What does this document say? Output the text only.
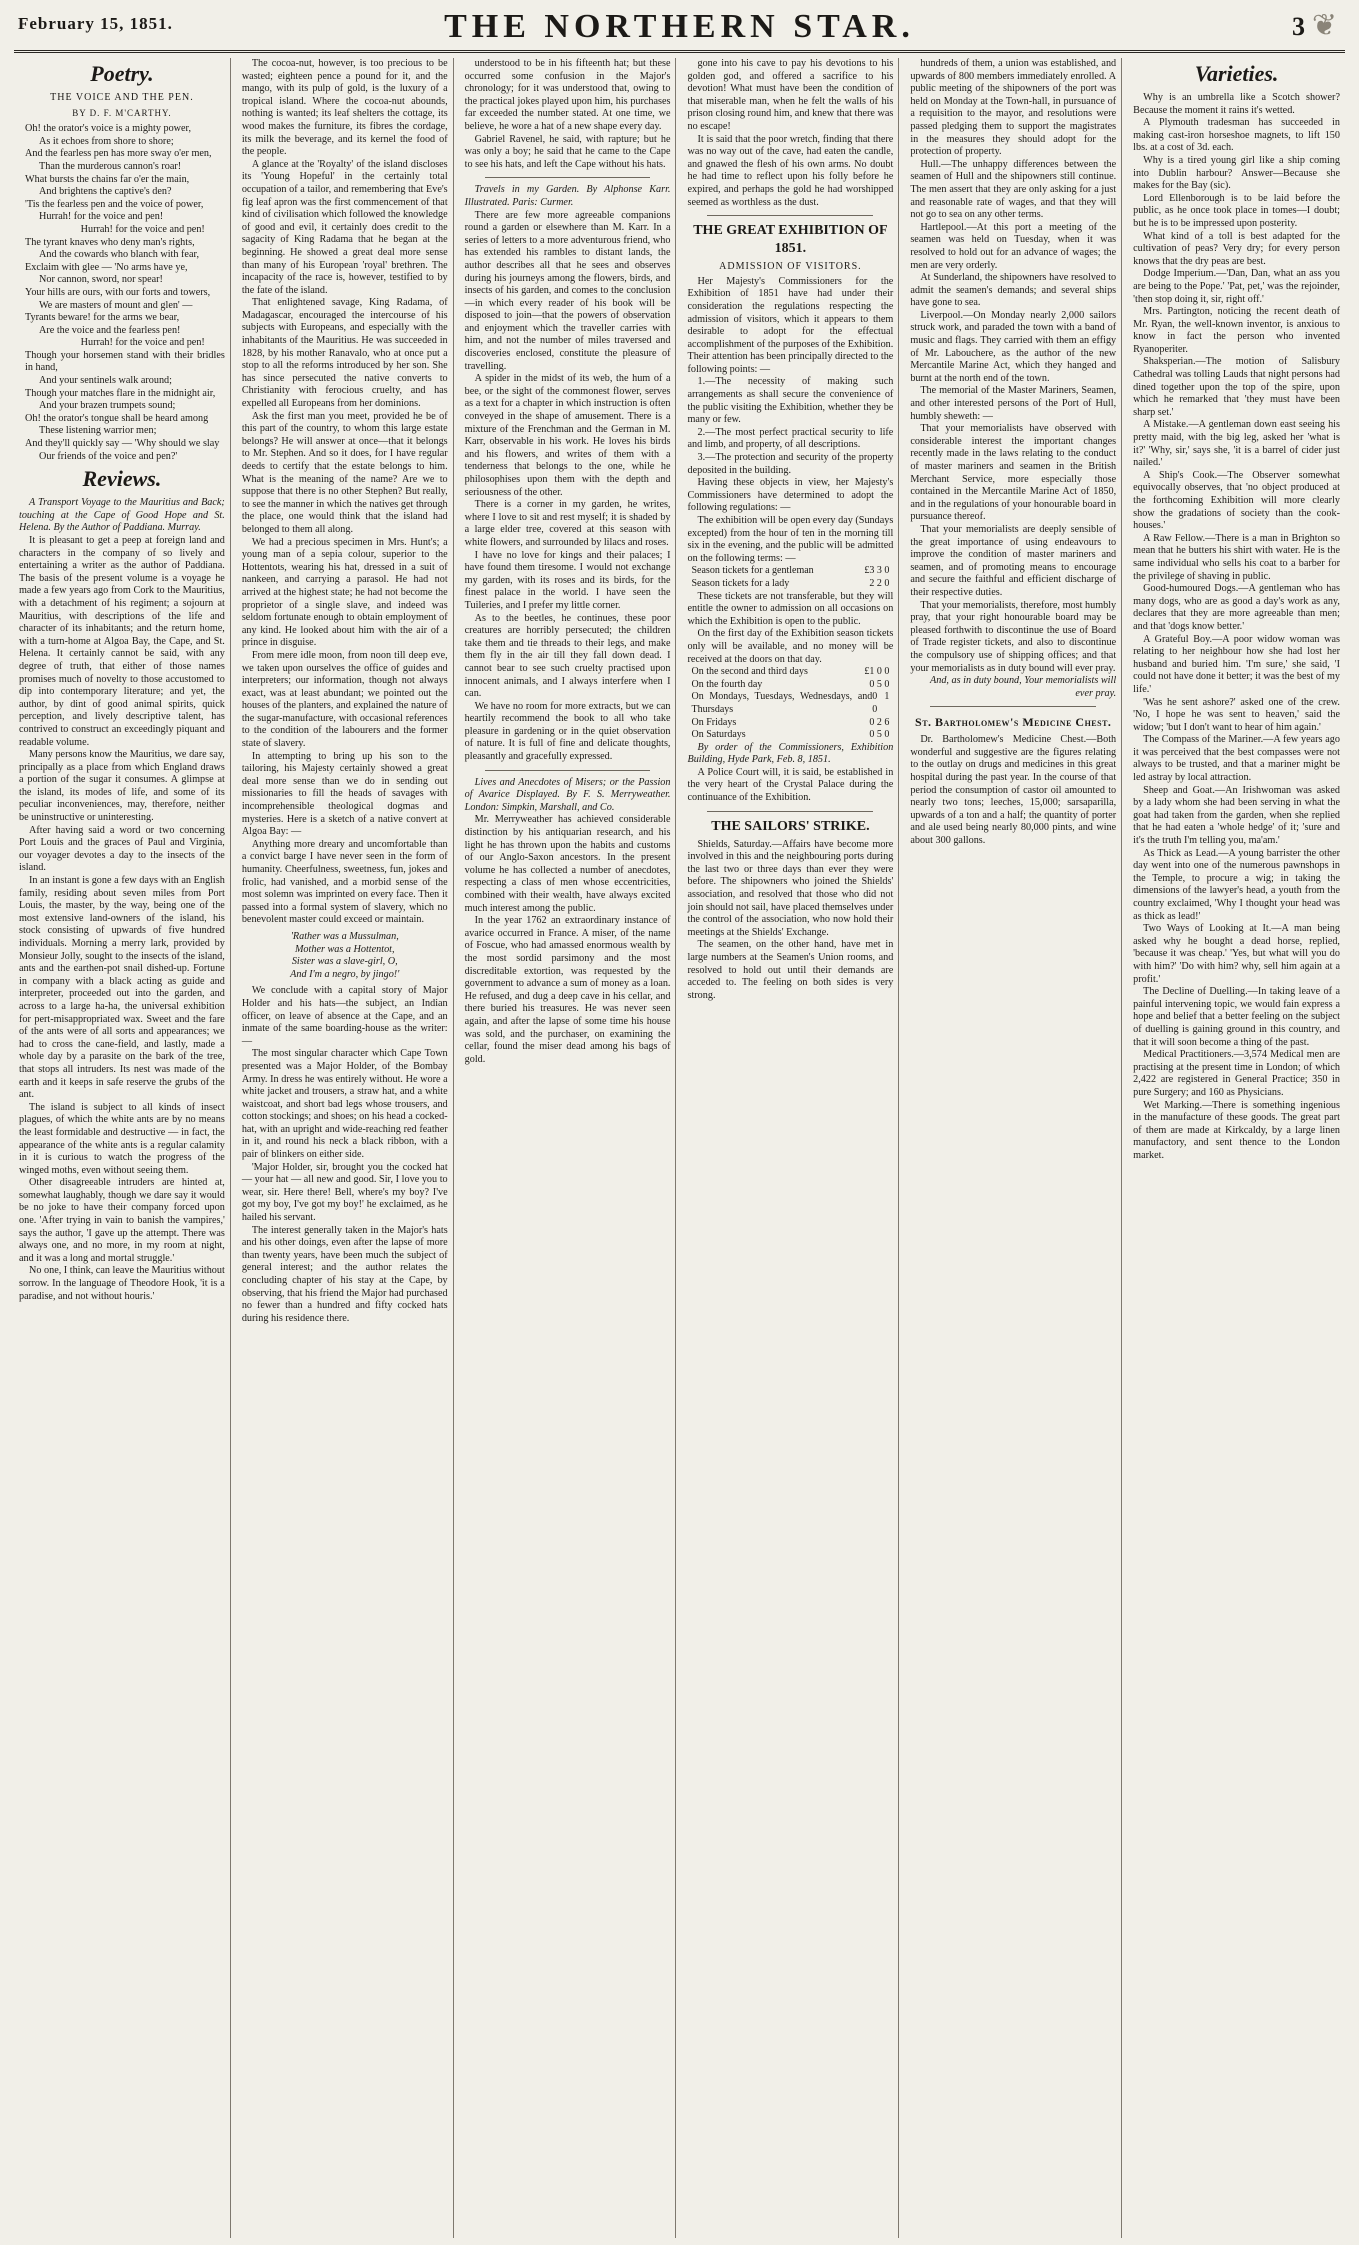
February 15, 1851.	THE NORTHERN STAR.	3 ❦
Poetry.
THE VOICE AND THE PEN.
BY D. F. M'CARTHY.

Oh! the orator's voice is a mighty power,

As it echoes from shore to shore;

And the fearless pen has more sway o'er men,

Than the murderous cannon's roar!

What bursts the chains far o'er the main,

And brightens the captive's den?

'Tis the fearless pen and the voice of power,

Hurrah! for the voice and pen!

Hurrah! for the voice and pen!

The tyrant knaves who deny man's rights,

And the cowards who blanch with fear,

Exclaim with glee — 'No arms have ye,

Nor cannon, sword, nor spear!

Your hills are ours, with our forts and towers,

We are masters of mount and glen' —

Tyrants beware! for the arms we bear,

Are the voice and the fearless pen!

Hurrah! for the voice and pen!

Though your horsemen stand with their bridles in hand,

And your sentinels walk around;

Though your matches flare in the midnight air,

And your brazen trumpets sound;

Oh! the orator's tongue shall be heard among

These listening warrior men;

And they'll quickly say — 'Why should we slay

Our friends of the voice and pen?'

Reviews.

A Transport Voyage to the Mauritius and Back; touching at the Cape of Good Hope and St. Helena. By the Author of Paddiana. Murray.

It is pleasant to get a peep at foreign land and characters in the company of so lively and entertaining a writer as the author of Paddiana. The basis of the present volume is a voyage he made a few years ago from Cork to the Mauritius, with a detachment of his regiment; a sojourn at Mauritius, with descriptions of the life and character of its inhabitants; and the return home, with a turn-home at Algoa Bay, the Cape, and St. Helena. It certainly cannot be said, with any degree of truth, that either of those names promises much of novelty to those accustomed to dip into contemporary literature; and yet, the author, by dint of good animal spirits, quick perception, and lively descriptive talent, has contrived to construct an exceedingly piquant and readable volume.

Many persons know the Mauritius, we dare say, principally as a place from which England draws a portion of the sugar it consumes. A glimpse at the island, its modes of life, and some of its peculiar inconveniences, may, therefore, neither be uninstructive or uninteresting.

After having said a word or two concerning Port Louis and the graces of Paul and Virginia, our voyager devotes a day to the insects of the island.

In an instant is gone a few days with an English family, residing about seven miles from Port Louis, the master, by the way, being one of the most extensive land-owners of the island, his stock consisting of upwards of five hundred individuals. Morning a merry lark, provided by Monsieur Jolly, sought to the insects of the island, ants and the earthen-pot snail dished-up. Fortune in company with a black acting as guide and interpreter, proceeded out into the garden, and across to a large ha-ha, the universal exhibition for pert-misappropriated wax. Sweet and the fare of the ants were of all sorts and appearances; we had to cross the cane-field, and lastly, made a whole day by a parasite on the bark of the tree, that stops all intruders. Its nest was made of the earth and it keeps in safe reserve the grubs of the ant.

The island is subject to all kinds of insect plagues, of which the white ants are by no means the least formidable and destructive — in fact, the appearance of the white ants is a regular calamity in it is curious to watch the progress of the winged moths, even without seeing them.

Other disagreeable intruders are hinted at, somewhat laughably, though we dare say it would be no joke to have their company forced upon one. 'After trying in vain to banish the vampires,' says the author, 'I gave up the attempt. There was always one, and no more, in my room at night, and it was a long and mortal struggle.'

No one, I think, can leave the Mauritius without sorrow. In the language of Theodore Hook, 'it is a paradise, and not without houris.'

The cocoa-nut, however, is too precious to be wasted; eighteen pence a pound for it, and the mango, with its pulp of gold, is the luxury of a tropical island. Where the cocoa-nut abounds, nothing is wanted; its leaf shelters the cottage, its wood makes the furniture, its fibres the cordage, its milk the beverage, and its kernel the food of the people.

A glance at the 'Royalty' of the island discloses its 'Young Hopeful' in the certainly total occupation of a tailor, and remembering that Eve's fig leaf apron was the first commencement of that kind of civilisation which followed the knowledge of good and evil, it certainly does credit to the sagacity of King Radama that he began at the beginning. He showed a great deal more sense than many of his European 'royal' brethren. The incapacity of the race is, however, testified to by the fate of the island.

That enlightened savage, King Radama, of Madagascar, encouraged the intercourse of his subjects with Europeans, and especially with the inhabitants of the Mauritius. He was succeeded in 1828, by his mother Ranavalo, who at once put a stop to all the reforms introduced by her son. She has since persecuted the native converts to Christianity with ferocious cruelty, and has expelled all Europeans from her dominions.

Ask the first man you meet, provided he be of this part of the country, to whom this large estate belongs? He will answer at once—that it belongs to Mr. Stephen. And so it does, for I have regular deeds to certify that the estate belongs to him. What is the meaning of the name? Are we to suppose that there is no other Stephen? But really, to see the manner in which the natives get through the place, one would think that the island had belonged to them all along.

We had a precious specimen in Mrs. Hunt's; a young man of a sepia colour, superior to the Hottentots, wearing his hat, dressed in a suit of nankeen, and carrying a parasol. He had not arrived at the highest state; he had not become the proprietor of a single slave, and indeed was seldom fortunate enough to obtain employment of any kind. He looked about him with the air of a prince in disguise.

From mere idle moon, from noon till deep eve, we taken upon ourselves the office of guides and interpreters; our information, though not always exact, was at least abundant; we pointed out the houses of the planters, and explained the nature of the sugar-manufacture, with occasional references to the condition of the labourers and the former state of slavery.

In attempting to bring up his son to the tailoring, his Majesty certainly showed a great deal more sense than we do in sending out missionaries to fill the heads of savages with incomprehensible theological dogmas and mysteries. Here is a sketch of a native convert at Algoa Bay: —

Anything more dreary and uncomfortable than a convict barge I have never seen in the form of humanity. Cheerfulness, sweetness, fun, jokes and frolic, had vanished, and a morbid sense of the most solemn was imprinted on every face. Then it passed into a formal system of slavery, which no benevolent master could exceed or maintain.

'Rather was a Mussulman,
Mother was a Hottentot,
Sister was a slave-girl, O,
And I'm a negro, by jingo!'

We conclude with a capital story of Major Holder and his hats—the subject, an Indian officer, on leave of absence at the Cape, and an inmate of the same boarding-house as the writer: —

The most singular character which Cape Town presented was a Major Holder, of the Bombay Army. In dress he was entirely without. He wore a white jacket and trousers, a straw hat, and a white waistcoat, and short bad legs whose trousers, and cotton stockings; and shoes; on his head a cocked-hat, with an upright and wide-reaching red feather in it, and round his neck a black ribbon, with a pair of blinkers on either side.

'Major Holder, sir, brought you the cocked hat — your hat — all new and good. Sir, I love you to wear, sir. Here there! Bell, where's my boy? I've got my boy, I've got my boy!' he exclaimed, as he hailed his servant.

The interest generally taken in the Major's hats and his other doings, even after the lapse of more than twenty years, have been much the subject of general interest; and the author relates the concluding chapter of his stay at the Cape, by observing, that his friend the Major had purchased no fewer than a hundred and fifty cocked hats during his residence there.

understood to be in his fifteenth hat; but these occurred some confusion in the Major's chronology; for it was understood that, owing to the practical jokes played upon him, his purchases far exceeded the number stated. At one time, we believe, he wore a hat of a new shape every day.

Gabriel Ravenel, he said, with rapture; but he was only a boy; he said that he came to the Cape to see his hats, and left the Cape without his hats.

Travels in my Garden. By Alphonse Karr. Illustrated. Paris: Curmer.

There are few more agreeable companions round a garden or elsewhere than M. Karr. In a series of letters to a more adventurous friend, who has extended his rambles to distant lands, the author describes all that he sees and observes during his journeys among the flowers, birds, and insects of his garden, and comes to the conclusion—in which every reader of his book will be disposed to join—that the powers of observation and enjoyment which the traveller carries with him, and not the number of miles traversed and discoveries enclosed, constitute the pleasure of travelling.

A spider in the midst of its web, the hum of a bee, or the sight of the commonest flower, serves as a text for a chapter in which instruction is often conveyed in the shape of amusement. There is a mixture of the Frenchman and the German in M. Karr, observable in his work. He loves his birds and his flowers, and writes of them with a tenderness that belongs to the one, while he philosophises upon them with the depth and seriousness of the other.

There is a corner in my garden, he writes, where I love to sit and rest myself; it is shaded by a large elder tree, covered at this season with white flowers, and surrounded by lilacs and roses.

I have no love for kings and their palaces; I have found them tiresome. I would not exchange my garden, with its roses and its birds, for the finest palace in the world. I have seen the Tuileries, and I prefer my little corner.

As to the beetles, he continues, these poor creatures are horribly persecuted; the children take them and tie threads to their legs, and make them fly in the air till they fall down dead. I cannot bear to see such cruelty practised upon innocent animals, and I always interfere when I can.

We have no room for more extracts, but we can heartily recommend the book to all who take pleasure in gardening or in the quiet observation of nature. It is full of fine and delicate thoughts, pleasantly and gracefully expressed.

Lives and Anecdotes of Misers; or the Passion of Avarice Displayed. By F. S. Merryweather. London: Simpkin, Marshall, and Co.

Mr. Merryweather has achieved considerable distinction by his antiquarian research, and his light he has thrown upon the habits and customs of our Anglo-Saxon ancestors. In the present volume he has collected a number of anecdotes, respecting a class of men whose eccentricities, combined with their wealth, have always excited much interest among the public.

In the year 1762 an extraordinary instance of avarice occurred in France. A miser, of the name of Foscue, who had amassed enormous wealth by the most sordid parsimony and the most discreditable extortion, was requested by the government to advance a sum of money as a loan. He refused, and dug a deep cave in his cellar, and there buried his treasures. He was never seen again, and after the lapse of some time his house was sold, and the purchaser, on examining the cellar, found the miser dead among his bags of gold.

gone into his cave to pay his devotions to his golden god, and offered a sacrifice to his devotion! What must have been the condition of that miserable man, when he felt the walls of his prison closing round him, and knew that there was no escape!

It is said that the poor wretch, finding that there was no way out of the cave, had eaten the candle, and gnawed the flesh of his own arms. No doubt he had time to reflect upon his folly before he expired, and perhaps the gold he had worshipped seemed as worthless as the dust.

THE GREAT EXHIBITION OF 1851.
ADMISSION OF VISITORS.

Her Majesty's Commissioners for the Exhibition of 1851 have had under their consideration the regulations respecting the admission of visitors, which it appears to them desirable to adopt for the effectual accomplishment of the purposes of the Exhibition. Their attention has been principally directed to the following points: —

1.—The necessity of making such arrangements as shall secure the convenience of the public visiting the Exhibition, whether they be many or few.

2.—The most perfect practical security to life and limb, and property, of all descriptions.

3.—The protection and security of the property deposited in the building.

Having these objects in view, her Majesty's Commissioners have determined to adopt the following regulations: —

The exhibition will be open every day (Sundays excepted) from the hour of ten in the morning till six in the evening, and the public will be admitted on the following terms: —

Season tickets for a gentleman	£3 3 0
Season tickets for a lady	2 2 0

These tickets are not transferable, but they will entitle the owner to admission on all occasions on which the Exhibition is open to the public.

On the first day of the Exhibition season tickets only will be available, and no money will be received at the doors on that day.

On the second and third days	£1 0 0
On the fourth day	0 5 0
On Mondays, Tuesdays, Wednesdays, and Thursdays
0 1 0
On Fridays	0 2 6
On Saturdays	0 5 0

By order of the Commissioners, Exhibition Building, Hyde Park, Feb. 8, 1851.

A Police Court will, it is said, be established in the very heart of the Crystal Palace during the continuance of the Exhibition.

THE SAILORS' STRIKE.

Shields, Saturday.—Affairs have become more involved in this and the neighbouring ports during the last two or three days than ever they were before. The shipowners who joined the Shields' association, and resolved that those who did not join should not sail, have placed themselves under the control of the association, who now hold their meetings at the Shields' Exchange.

The seamen, on the other hand, have met in large numbers at the Seamen's Union rooms, and resolved to hold out until their demands are acceded to. The feeling on both sides is very strong.

hundreds of them, a union was established, and upwards of 800 members immediately enrolled. A public meeting of the shipowners of the port was held on Monday at the Town-hall, in pursuance of a requisition to the mayor, and resolutions were passed pledging them to support the magistrates in the measures they should adopt for the protection of property.

Hull.—The unhappy differences between the seamen of Hull and the shipowners still continue. The men assert that they are only asking for a just and reasonable rate of wages, and that they will not go to sea on any other terms.

Hartlepool.—At this port a meeting of the seamen was held on Tuesday, when it was resolved to hold out for an advance of wages; the men are very orderly.

At Sunderland, the shipowners have resolved to admit the seamen's demands; and several ships have gone to sea.

Liverpool.—On Monday nearly 2,000 sailors struck work, and paraded the town with a band of music and flags. They carried with them an effigy of Mr. Labouchere, as the author of the new Mercantile Marine Act, which they hanged and burnt at the north end of the town.

The memorial of the Master Mariners, Seamen, and other interested persons of the Port of Hull, humbly sheweth: —

That your memorialists have observed with considerable interest the important changes recently made in the laws relating to the conduct of master mariners and seamen in the British Merchant Service, more especially those contained in the Mercantile Marine Act of 1850, and in the regulations of your honourable board in pursuance thereof.

That your memorialists are deeply sensible of the great importance of using endeavours to improve the condition of master mariners and seamen, and of promoting means to encourage and secure the faithful and efficient discharge of their respective duties.

That your memorialists, therefore, most humbly pray, that your right honourable board may be pleased forthwith to discontinue the use of Board of Trade register tickets, and also to discontinue the compulsory use of shipping offices; and that your memorialists as in duty bound will ever pray.

And, as in duty bound, Your memorialists will ever pray.

St. Bartholomew's Medicine Chest.

Dr. Bartholomew's Medicine Chest.—Both wonderful and suggestive are the figures relating to the outlay on drugs and medicines in this great hospital during the past year. In the course of that period the consumption of castor oil amounted to nearly two tons; leeches, 15,000; sarsaparilla, upwards of a ton and a half; the quantity of porter and ale used being nearly 80,000 pints, and wine about 300 gallons.

Varieties.

Why is an umbrella like a Scotch shower? Because the moment it rains it's wetted.

A Plymouth tradesman has succeeded in making cast-iron horseshoe magnets, to lift 150 lbs. at a cost of 3d. each.

Why is a tired young girl like a ship coming into Dublin harbour? Answer—Because she makes for the Bay (sic).

Lord Ellenborough is to be laid before the public, as he once took place in tomes—I doubt; but he is to be impressed upon posterity.

What kind of a toll is best adapted for the cultivation of peas? Very dry; for every person knows that the dry peas are best.

Dodge Imperium.—'Dan, Dan, what an ass you are being to the Pope.' 'Pat, pet,' was the rejoinder, 'then stop doing it, sir, right off.'

Mrs. Partington, noticing the recent death of Mr. Ryan, the well-known inventor, is anxious to know in fact the person who invented Ryanoperiter.

Shaksperian.—The motion of Salisbury Cathedral was tolling Lauds that night persons had dined together upon the top of the spire, upon which he remarked that 'they must have been sharp set.'

A Mistake.—A gentleman down east seeing his pretty maid, with the big leg, asked her 'what is it?' 'Why, sir,' says she, 'it is a barrel of cider just nailed.'

A Ship's Cook.—The Observer somewhat equivocally observes, that 'no object produced at the forthcoming Exhibition will more clearly show the gradations of society than the cook-houses.'

A Raw Fellow.—There is a man in Brighton so mean that he butters his shirt with water. He is the same individual who sells his coat to a barber for the privilege of shaving in public.

Good-humoured Dogs.—A gentleman who has many dogs, who are as good a day's work as any, declares that they are more agreeable than men; and that 'dogs know better.'

A Grateful Boy.—A poor widow woman was relating to her neighbour how she had lost her husband and buried him. 'I'm sure,' she said, 'I could not have done it better; it was the best of my life.'

'Was he sent ashore?' asked one of the crew. 'No, I hope he was sent to heaven,' said the widow; 'but I don't want to hear of him again.'

The Compass of the Mariner.—A few years ago it was perceived that the best compasses were not always to be trusted, and that a mariner might be led astray by local attraction.

Sheep and Goat.—An Irishwoman was asked by a lady whom she had been serving in what the goat had taken from the garden, when she replied that he had eaten a 'whole hedge' of it; 'sure and it's the truth I'm telling you, ma'am.'

As Thick as Lead.—A young barrister the other day went into one of the numerous pawnshops in the Temple, to procure a wig; in taking the dimensions of the lawyer's head, a youth from the country exclaimed, 'Why I thought your head was as thick as lead!'

Two Ways of Looking at It.—A man being asked why he bought a dead horse, replied, 'because it was cheap.' 'Yes, but what will you do with him?' 'Do with him? why, sell him again at a profit.'

The Decline of Duelling.—In taking leave of a painful intervening topic, we would fain express a hope and belief that a better feeling on the subject of duelling is gaining ground in this country, and that it will soon become a thing of the past.

Medical Practitioners.—3,574 Medical men are practising at the present time in London; of which 2,422 are registered in General Practice; 350 in pure Surgery; and 160 as Physicians.

Wet Marking.—There is something ingenious in the manufacture of these goods. The great part of them are made at Kirkcaldy, by a large linen manufactory, and sent thence to the London market.
